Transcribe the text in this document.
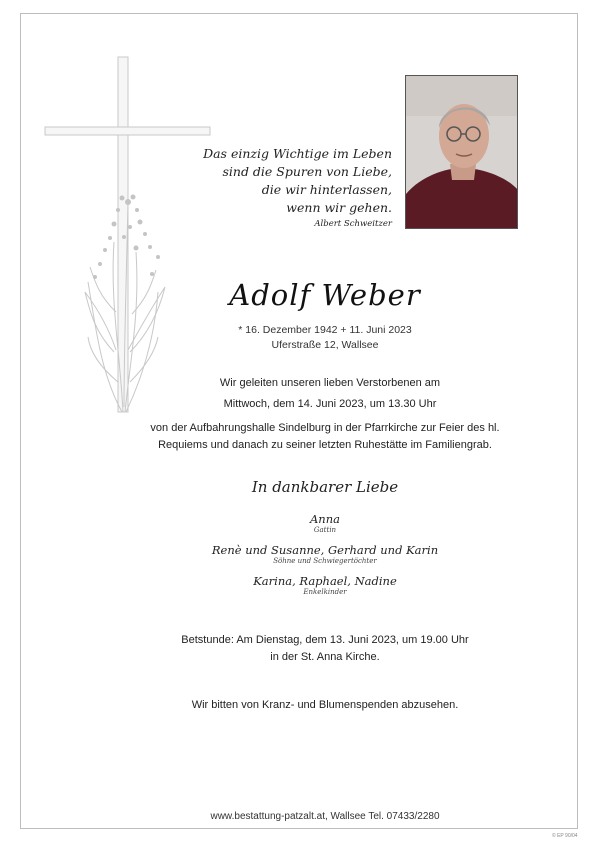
Das einzig Wichtige im Leben
sind die Spuren von Liebe,
die wir hinterlassen,
wenn wir gehen.
Albert Schweitzer
Adolf Weber
* 16. Dezember 1942 + 11. Juni 2023
Uferstraße 12, Wallsee
Wir geleiten unseren lieben Verstorbenen am
Mittwoch, dem 14. Juni 2023, um 13.30 Uhr
von der Aufbahrungshalle Sindelburg in der Pfarrkirche zur Feier des hl.
Requiems und danach zu seiner letzten Ruhestätte im Familiengrab.
In dankbarer Liebe
Anna
Gattin
Renè und Susanne, Gerhard und Karin
Söhne und Schwiegertöchter
Karina, Raphael, Nadine
Enkelkinder
Betstunde: Am Dienstag, dem 13. Juni 2023, um 19.00 Uhr
in der St. Anna Kirche.
Wir bitten von Kranz- und Blumenspenden abzusehen.
www.bestattung-patzalt.at, Wallsee Tel. 07433/2280
© EP 90/04
